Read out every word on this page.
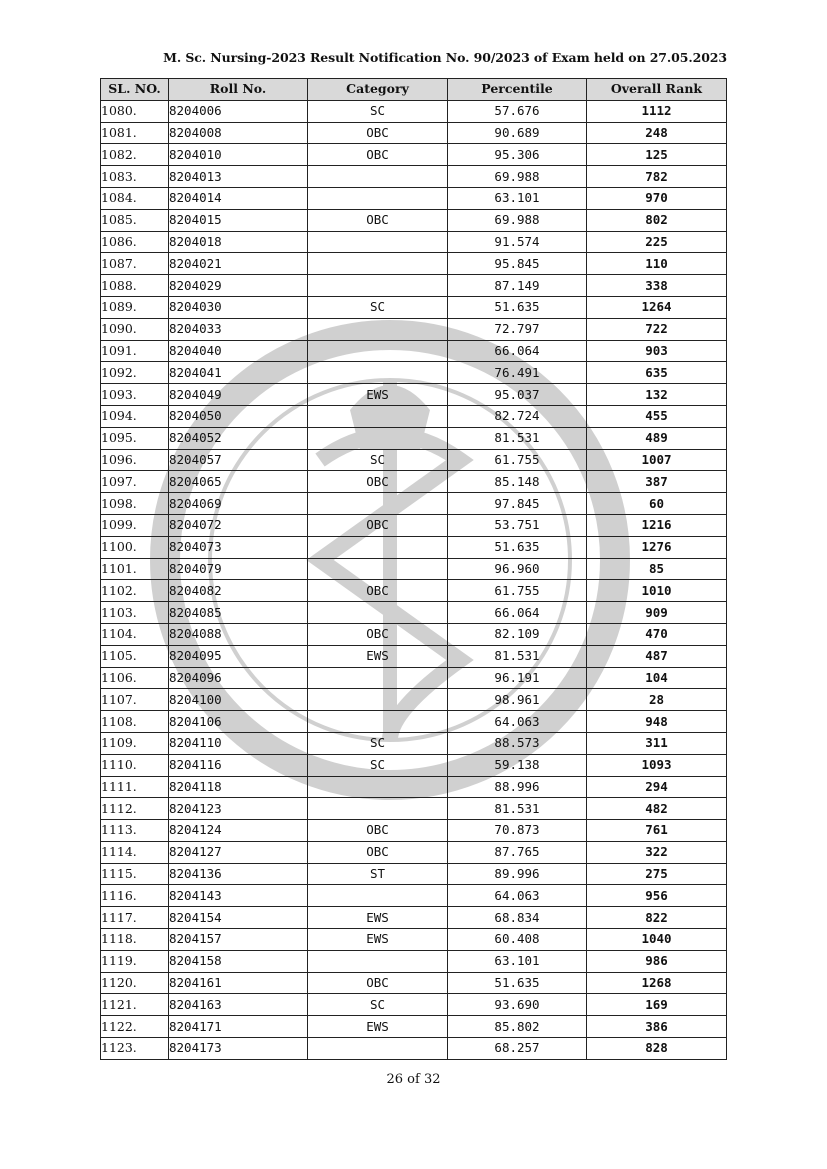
M. Sc. Nursing-2023 Result Notification No. 90/2023 of Exam held on 27.05.2023
SL. NO.	Roll No.	Category	Percentile	Overall Rank
1080.	8204006	SC	57.676	1112
1081.	8204008	OBC	90.689	248
1082.	8204010	OBC	95.306	125
1083.	8204013		69.988	782
1084.	8204014		63.101	970
1085.	8204015	OBC	69.988	802
1086.	8204018		91.574	225
1087.	8204021		95.845	110
1088.	8204029		87.149	338
1089.	8204030	SC	51.635	1264
1090.	8204033		72.797	722
1091.	8204040		66.064	903
1092.	8204041		76.491	635
1093.	8204049	EWS	95.037	132
1094.	8204050		82.724	455
1095.	8204052		81.531	489
1096.	8204057	SC	61.755	1007
1097.	8204065	OBC	85.148	387
1098.	8204069		97.845	60
1099.	8204072	OBC	53.751	1216
1100.	8204073		51.635	1276
1101.	8204079		96.960	85
1102.	8204082	OBC	61.755	1010
1103.	8204085		66.064	909
1104.	8204088	OBC	82.109	470
1105.	8204095	EWS	81.531	487
1106.	8204096		96.191	104
1107.	8204100		98.961	28
1108.	8204106		64.063	948
1109.	8204110	SC	88.573	311
1110.	8204116	SC	59.138	1093
1111.	8204118		88.996	294
1112.	8204123		81.531	482
1113.	8204124	OBC	70.873	761
1114.	8204127	OBC	87.765	322
1115.	8204136	ST	89.996	275
1116.	8204143		64.063	956
1117.	8204154	EWS	68.834	822
1118.	8204157	EWS	60.408	1040
1119.	8204158		63.101	986
1120.	8204161	OBC	51.635	1268
1121.	8204163	SC	93.690	169
1122.	8204171	EWS	85.802	386
1123.	8204173		68.257	828
26 of 32
